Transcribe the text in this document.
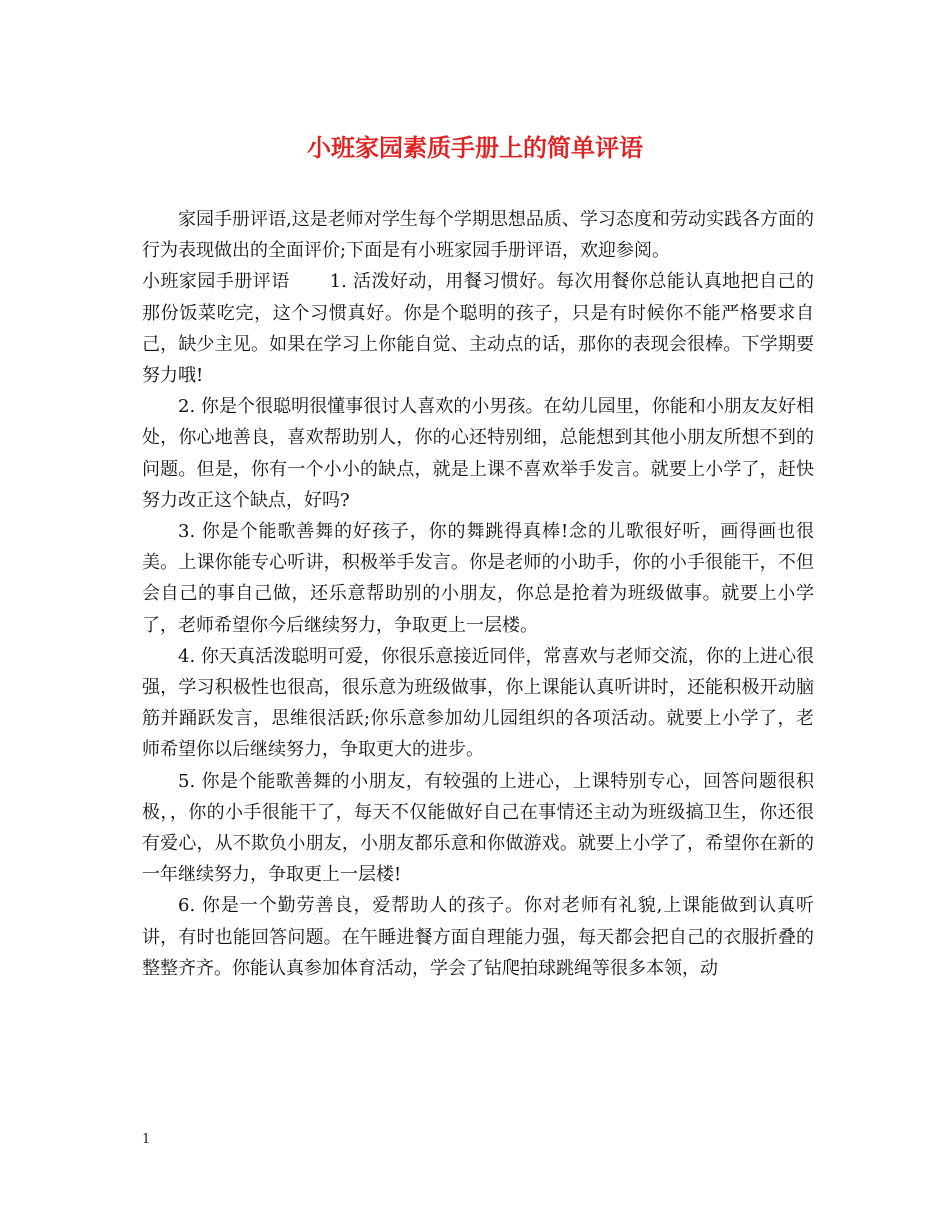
小班家园素质手册上的简单评语

家园手册评语,这是老师对学生每个学期思想品质、学习态度和劳动实践各方面的行为表现做出的全面评价;下面是有小班家园手册评语，欢迎参阅。

小班家园手册评语 1. 活泼好动，用餐习惯好。每次用餐你总能认真地把自己的那份饭菜吃完，这个习惯真好。你是个聪明的孩子，只是有时候你不能严格要求自己，缺少主见。如果在学习上你能自觉、主动点的话，那你的表现会很棒。下学期要努力哦!

2. 你是个很聪明很懂事很讨人喜欢的小男孩。在幼儿园里，你能和小朋友友好相处，你心地善良，喜欢帮助别人，你的心还特别细，总能想到其他小朋友所想不到的问题。但是，你有一个小小的缺点，就是上课不喜欢举手发言。就要上小学了，赶快努力改正这个缺点，好吗?

3. 你是个能歌善舞的好孩子，你的舞跳得真棒!念的儿歌很好听，画得画也很美。上课你能专心听讲，积极举手发言。你是老师的小助手，你的小手很能干，不但会自己的事自己做，还乐意帮助别的小朋友，你总是抢着为班级做事。就要上小学了，老师希望你今后继续努力，争取更上一层楼。

4. 你天真活泼聪明可爱，你很乐意接近同伴，常喜欢与老师交流，你的上进心很强，学习积极性也很高，很乐意为班级做事，你上课能认真听讲时，还能积极开动脑筋并踊跃发言，思维很活跃;你乐意参加幼儿园组织的各项活动。就要上小学了，老师希望你以后继续努力，争取更大的进步。

5. 你是个能歌善舞的小朋友，有较强的上进心，上课特别专心，回答问题很积极，，你的小手很能干了，每天不仅能做好自己在事情还主动为班级搞卫生，你还很有爱心，从不欺负小朋友，小朋友都乐意和你做游戏。就要上小学了，希望你在新的一年继续努力，争取更上一层楼!

6. 你是一个勤劳善良，爱帮助人的孩子。你对老师有礼貌,上课能做到认真听讲，有时也能回答问题。在午睡进餐方面自理能力强，每天都会把自己的衣服折叠的整整齐齐。你能认真参加体育活动，学会了钻爬拍球跳绳等很多本领，动

1
